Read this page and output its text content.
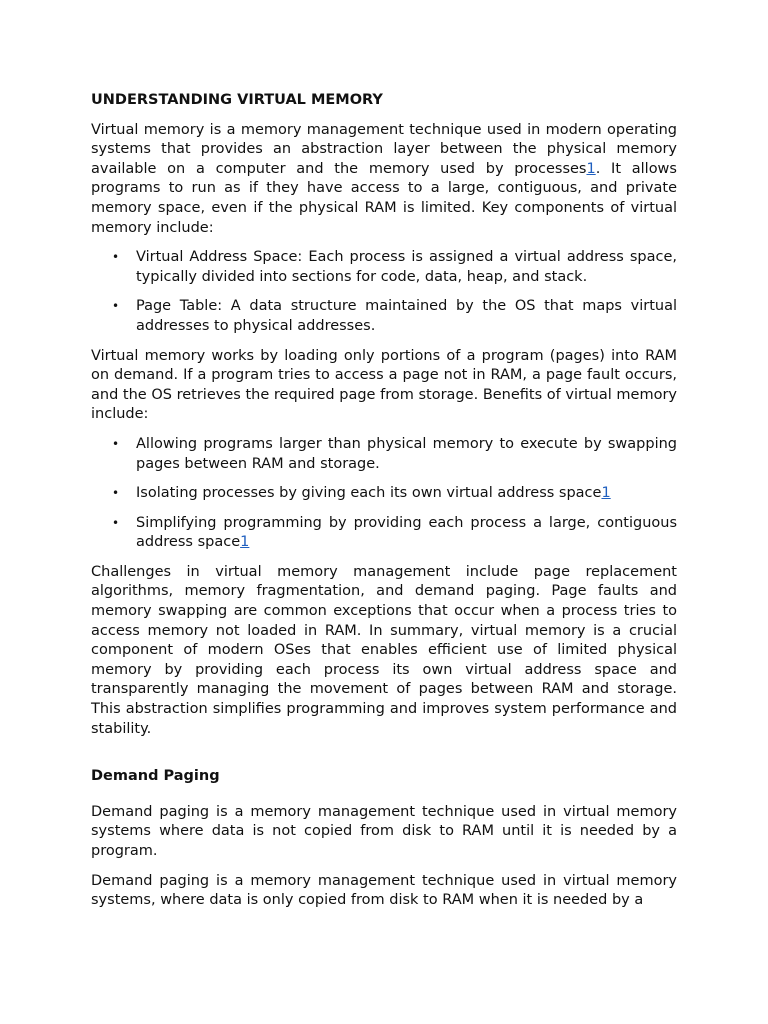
UNDERSTANDING VIRTUAL MEMORY

Virtual memory is a memory management technique used in modern operating systems that provides an abstraction layer between the physical memory available on a computer and the memory used by processes1. It allows programs to run as if they have access to a large, contiguous, and private memory space, even if the physical RAM is limited. Key components of virtual memory include:

• Virtual Address Space: Each process is assigned a virtual address space, typically divided into sections for code, data, heap, and stack.
• Page Table: A data structure maintained by the OS that maps virtual addresses to physical addresses.

Virtual memory works by loading only portions of a program (pages) into RAM on demand. If a program tries to access a page not in RAM, a page fault occurs, and the OS retrieves the required page from storage. Benefits of virtual memory include:

• Allowing programs larger than physical memory to execute by swapping pages between RAM and storage.
• Isolating processes by giving each its own virtual address space1
• Simplifying programming by providing each process a large, contiguous address space1

Challenges in virtual memory management include page replacement algorithms, memory fragmentation, and demand paging. Page faults and memory swapping are common exceptions that occur when a process tries to access memory not loaded in RAM. In summary, virtual memory is a crucial component of modern OSes that enables efficient use of limited physical memory by providing each process its own virtual address space and transparently managing the movement of pages between RAM and storage. This abstraction simplifies programming and improves system performance and stability.

Demand Paging

Demand paging is a memory management technique used in virtual memory systems where data is not copied from disk to RAM until it is needed by a program.

Demand paging is a memory management technique used in virtual memory systems, where data is only copied from disk to RAM when it is needed by a
